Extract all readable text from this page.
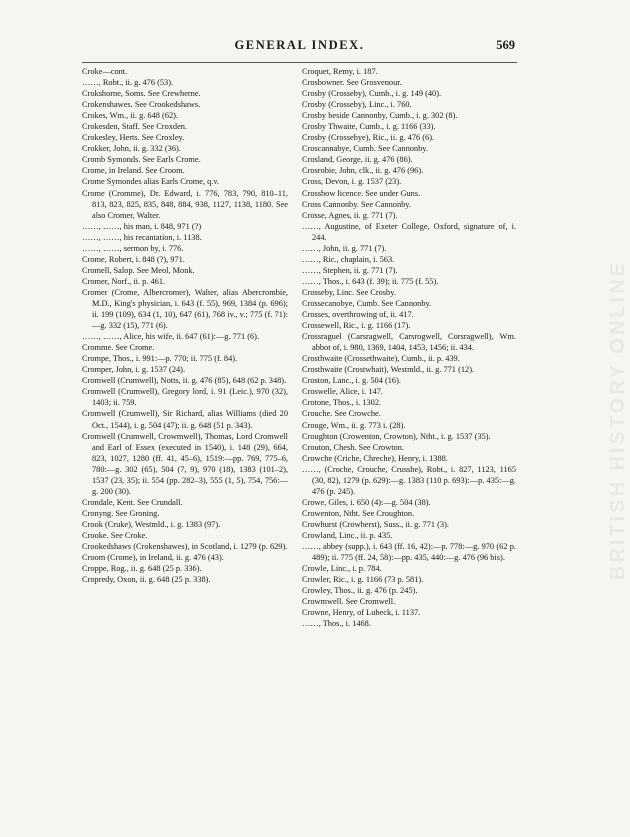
GENERAL INDEX.	569
BRITISH HISTORY ONLINE
Croke—cont.
……, Robt., ii. g. 476 (53).
Crokshorne, Soms. See Crewherne.
Crokenshawes. See Crookedshaws.
Crokes, Wm., ii. g. 648 (62).
Crokesden, Staff. See Croxden.
Crokesley, Herts. See Croxley.
Crokker, John, ii. g. 332 (36).
Cromb Symonds. See Earls Crome.
Crome, in Ireland. See Croom.
Crome Symondes alias Earls Crome, q.v.
Crome (Cromme), Dr. Edward, i. 776, 783, 790, 810–11, 813, 823, 825, 835, 848, 884, 938, 1127, 1138, 1180. See also Cromer, Walter.
……, ……, his man, i. 848, 971 (?)
……, ……, his recantation, i. 1138.
……, ……, sermon by, i. 776.
Crome, Robert, i. 848 (?), 971.
Cromell, Salop. See Meol, Monk.
Cromer, Norf., ii. p. 461.
Cromer (Crome, Albercromer), Walter, alias Abercrombie, M.D., King's physician, i. 643 (f. 55), 969, 1384 (p. 696); ii. 199 (109), 634 (1, 10), 647 (61), 768 iv., v.; 775 (f. 71):—g. 332 (15), 771 (6).
……, ……, Alice, his wife, ii. 647 (61):—g. 771 (6).
Cromme. See Crome.
Crompe, Thos., i. 991:—p. 770; ii. 775 (f. 84).
Cromper, John, i. g. 1537 (24).
Cromwell (Crumwell), Notts, ii. g. 476 (85), 648 (62 p. 348).
Cromwell (Crumwell), Gregory lord, i. 91 (Leic.), 970 (32), 1403; ii. 759.
Cromwell (Crumwell), Sir Richard, alias Williams (died 20 Oct., 1544), i. g. 504 (47); ii. g. 648 (51 p. 343).
Cromwell (Crumwell, Crowmwell), Thomas, Lord Cromwell and Earl of Essex (executed in 1540), i. 148 (29), 664, 823, 1027, 1280 (ff. 41, 45–6), 1519:—pp. 769, 775–6, 780:—g. 302 (65), 504 (7, 9), 970 (18), 1383 (101–2), 1537 (23, 35); ii. 554 (pp. 282–3), 555 (1, 5), 754, 756:—g. 200 (30).
Crondale, Kent. See Crundall.
Cronyng. See Groning.
Crook (Cruke), Westmld., i. g. 1383 (97).
Crooke. See Croke.
Crookedshaws (Crokenshawes), in Scotland, i. 1279 (p. 629).
Croom (Crome), in Ireland, ii. g. 476 (43).
Croppe, Rog., ii. g. 648 (25 p. 336).
Cropredy, Oxon, ii. g. 648 (25 p. 338).
Croquet, Remy, i. 187.
Crosbowner. See Grosvenour.
Crosby (Crosseby), Cumb., i. g. 149 (40).
Crosby (Crosseby), Linc., i. 760.
Crosby beside Cannonby, Cumb., i. g. 302 (8).
Crosby Thwaite, Cumb., i. g. 1166 (33).
Crosby (Crossebye), Ric., ii. g. 476 (6).
Croscannabye, Cumb. See Cannonby.
Crosland, George, ii. g. 476 (86).
Crosrobie, John, clk., ii. g. 476 (96).
Cross, Devon, i. g. 1537 (23).
Crossbow licence. See under Guns.
Cross Cannonby. See Cannonby.
Crosse, Agnes, ii. g. 771 (7).
……, Augustine, of Exeter College, Oxford, signature of, i. 244.
……, John, ii. g. 771 (7).
……, Ric., chaplain, i. 563.
……, Stephen, ii. g. 771 (7).
……, Thos., i. 643 (f. 39); ii. 775 (f. 55).
Crosseby, Linc. See Crosby.
Crossecanobye, Cumb. See Cannonby.
Crosses, overthrowing of, ii. 417.
Crossewell, Ric., i. g. 1166 (17).
Crossraguel (Carsragwell, Carsrogwell, Corsragwell), Wm. abbot of, i. 980, 1369, 1404, 1453, 1456; ii. 434.
Crosthwaite (Crossethwaite), Cumb., ii. p. 439.
Crosthwaite (Crostwhait), Westmld., ii. g. 771 (12).
Croston, Lanc., i. g. 504 (16).
Croswelle, Alice, i. 147.
Crotone, Thos., i. 1302.
Crouche. See Crowche.
Crouge, Wm., ii. g. 773 i. (28).
Croughton (Crowenton, Crowton), Ntht., i. g. 1537 (35).
Crouton, Chesh. See Crowton.
Crowche (Criche, Chreche), Henry, i. 1388.
……, (Croche, Crouche, Crusshe), Robt., i. 827, 1123, 1165 (30, 82), 1279 (p. 629):—g. 1383 (110 p. 693):—p. 435:—g. 476 (p. 245).
Crowe, Giles, i. 650 (4):—g. 504 (38).
Crowenton, Ntht. See Croughton.
Crowhurst (Crowherst), Suss., ii. g. 771 (3).
Crowland, Linc., ii. p. 435.
……, abbey (supp.), i. 643 (ff. 16, 42):—p. 778:—g. 970 (62 p. 489); ii. 775 (ff. 24, 58):—pp. 435, 440:—g. 476 (96 bis).
Crowle, Linc., i. p. 784.
Crowler, Ric., i. g. 1166 (73 p. 581).
Crowley, Thos., ii. g. 476 (p. 245).
Crowmwell. See Cromwell.
Crowne, Henry, of Lubeck, i. 1137.
……, Thos., i. 1468.
